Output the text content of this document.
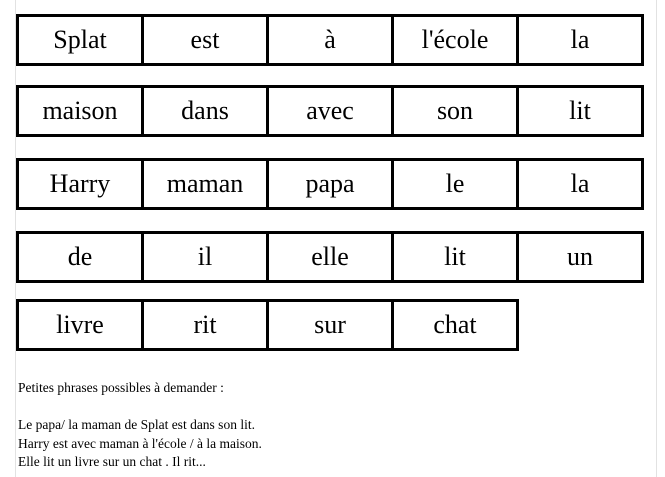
Splat	est	à	l'école	la
maison	dans	avec	son	lit
Harry	maman	papa	le	la
de	il	elle	lit	un
livre	rit	sur	chat

Petites phrases possibles à demander :

Le papa/ la maman de Splat est dans son lit.

Harry est avec maman à l'école / à la maison.

Elle lit un livre sur un chat . Il rit...
